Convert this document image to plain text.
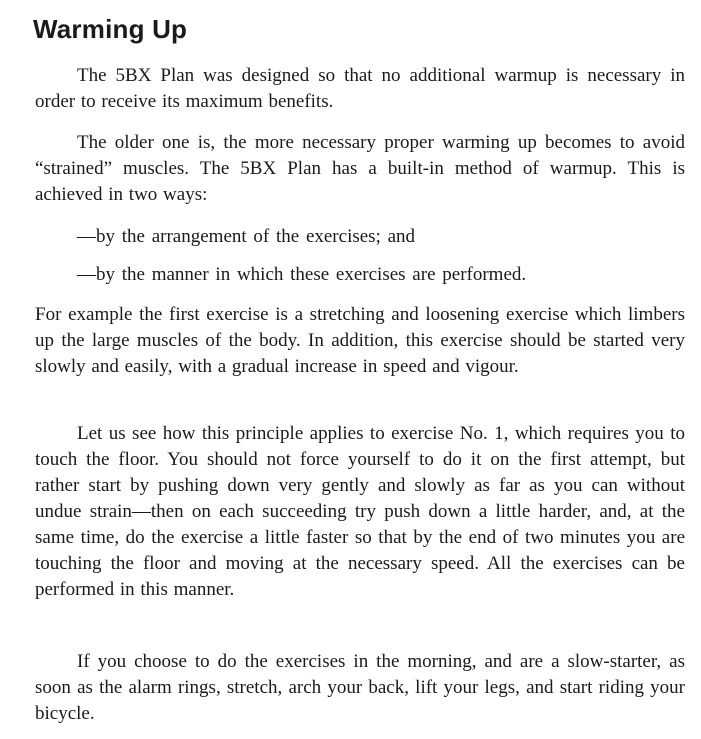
Warming Up

The 5BX Plan was designed so that no additional warmup is necessary in order to receive its maximum benefits.

The older one is, the more necessary proper warming up becomes to avoid “strained” muscles. The 5BX Plan has a built-in method of warmup. This is achieved in two ways:

—by the arrangement of the exercises; and

—by the manner in which these exercises are performed.

For example the first exercise is a stretching and loosening exercise which limbers up the large muscles of the body. In addition, this exercise should be started very slowly and easily, with a gradual increase in speed and vigour.

Let us see how this principle applies to exercise No. 1, which requires you to touch the floor. You should not force yourself to do it on the first attempt, but rather start by pushing down very gently and slowly as far as you can without undue strain—then on each succeeding try push down a little harder, and, at the same time, do the exercise a little faster so that by the end of two minutes you are touching the floor and moving at the necessary speed. All the exercises can be performed in this manner.

If you choose to do the exercises in the morning, and are a slow-starter, as soon as the alarm rings, stretch, arch your back, lift your legs, and start riding your bicycle.
